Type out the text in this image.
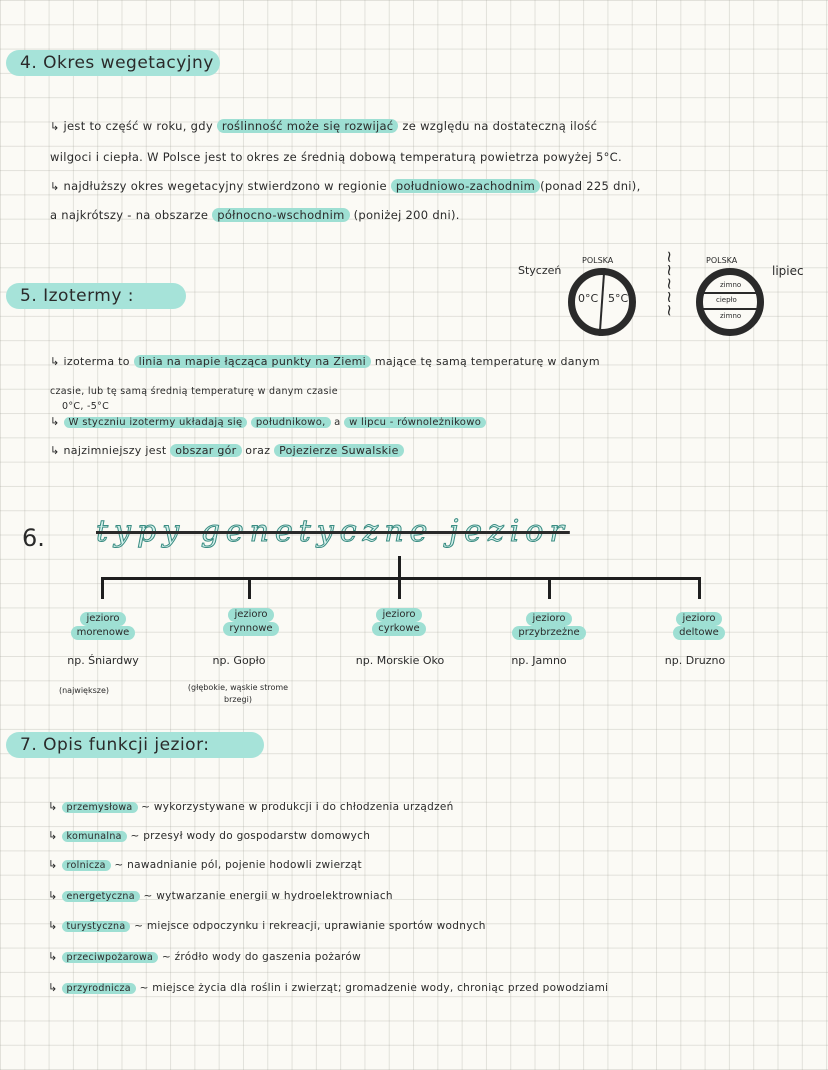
4. Okres wegetacyjny
↳ jest to część w roku, gdy roślinność może się rozwijać ze względu na dostateczną ilość
wilgoci i ciepła. W Polsce jest to okres ze średnią dobową temperaturą powietrza powyżej 5°C.
↳ najdłuższy okres wegetacyjny stwierdzono w regionie południowo-zachodnim (ponad 225 dni),
a najkrótszy - na obszarze północno-wschodnim (poniżej 200 dni).
5. Izotermy :
Styczeń
POLSKA
0°C 5°C ~~~~~	POLSKA
zimno
ciepło
zimno
lipiec
↳ izoterma to linia na mapie łącząca punkty na Ziemi mające tę samą temperaturę w danym
czasie, lub tę samą średnią temperaturę w danym czasie
0°C, -5°C
↳ W styczniu izotermy układają się południkowo, a w lipcu - równoleżnikowo
↳ najzimniejszy jest obszar gór oraz Pojezierze Suwalskie
6. typy genetyczne jezior
jezioro
morenowe
jezioro
rynnowe
jezioro
cyrkowe
jezioro
przybrzeżne
jezioro
deltowe
np. Śniardwy	np. Gopło	np. Morskie Oko	np. Jamno	np. Druzno
(największe)	(głębokie, wąskie strome brzegi)
7. Opis funkcji jezior:
↳ przemysłowa ~ wykorzystywane w produkcji i do chłodzenia urządzeń
↳ komunalna ~ przesył wody do gospodarstw domowych
↳ rolnicza ~ nawadnianie pól, pojenie hodowli zwierząt
↳ energetyczna ~ wytwarzanie energii w hydroelektrowniach
↳ turystyczna ~ miejsce odpoczynku i rekreacji, uprawianie sportów wodnych
↳ przeciwpożarowa ~ źródło wody do gaszenia pożarów
↳ przyrodnicza ~ miejsce życia dla roślin i zwierząt; gromadzenie wody, chroniąc przed powodziami
